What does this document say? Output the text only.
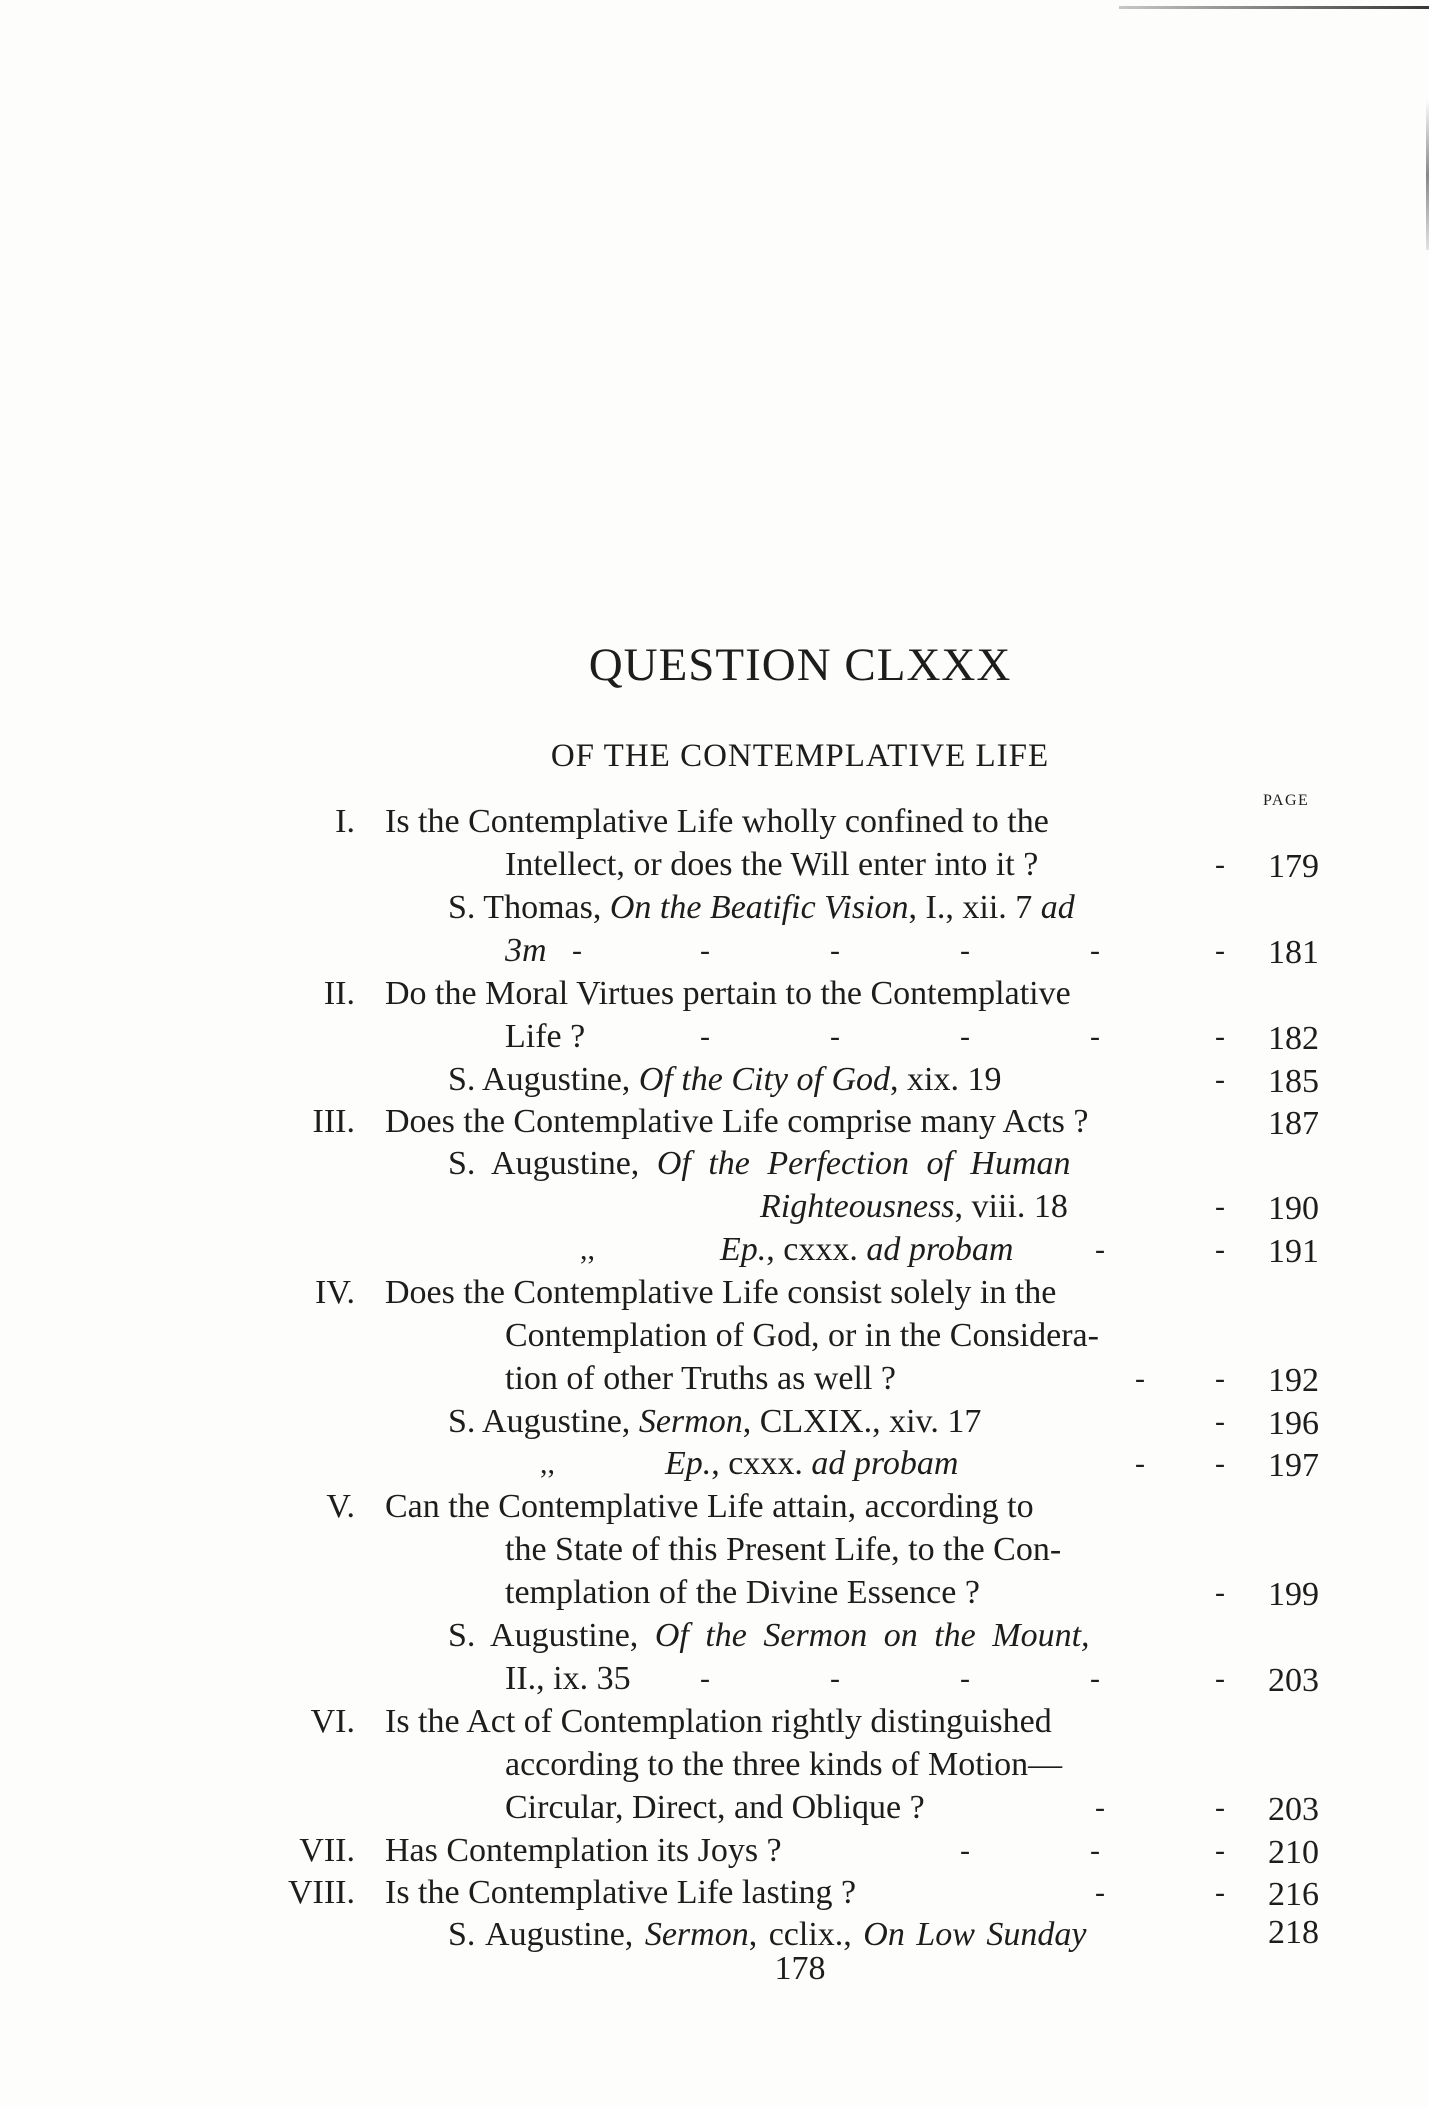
QUESTION CLXXX
OF THE CONTEMPLATIVE LIFE
PAGE
I. Is the Contemplative Life wholly confined to the
Intellect, or does the Will enter into it ?	- 179
S. Thomas, On the Beatific Vision, I., xii. 7 ad
3m -	-	-	-	-	- 181
II. Do the Moral Virtues pertain to the Contemplative
Life ?	-	-	-	-	- 182
S. Augustine, Of the City of God, xix. 19	- 185
III. Does the Contemplative Life comprise many Acts ?	187
S. Augustine, Of the Perfection of Human
Righteousness, viii. 18	- 190
,,	Ep., cxxx. ad probam	-	- 191
IV. Does the Contemplative Life consist solely in the
Contemplation of God, or in the Considera-
tion of other Truths as well ?	- - 192
S. Augustine, Sermon, CLXIX., xiv. 17	- 196
,,	Ep., cxxx. ad probam	- - 197
V. Can the Contemplative Life attain, according to
the State of this Present Life, to the Con-
templation of the Divine Essence ?	- 199
S. Augustine, Of the Sermon on the Mount,
II., ix. 35 -	-	-	-	- 203
VI. Is the Act of Contemplation rightly distinguished
according to the three kinds of Motion—
Circular, Direct, and Oblique ?	-	- 203
VII. Has Contemplation its Joys ?	-	-	- 210
VIII. Is the Contemplative Life lasting ?	-	- 216
S. Augustine, Sermon, cclix., On Low Sunday	218
178
